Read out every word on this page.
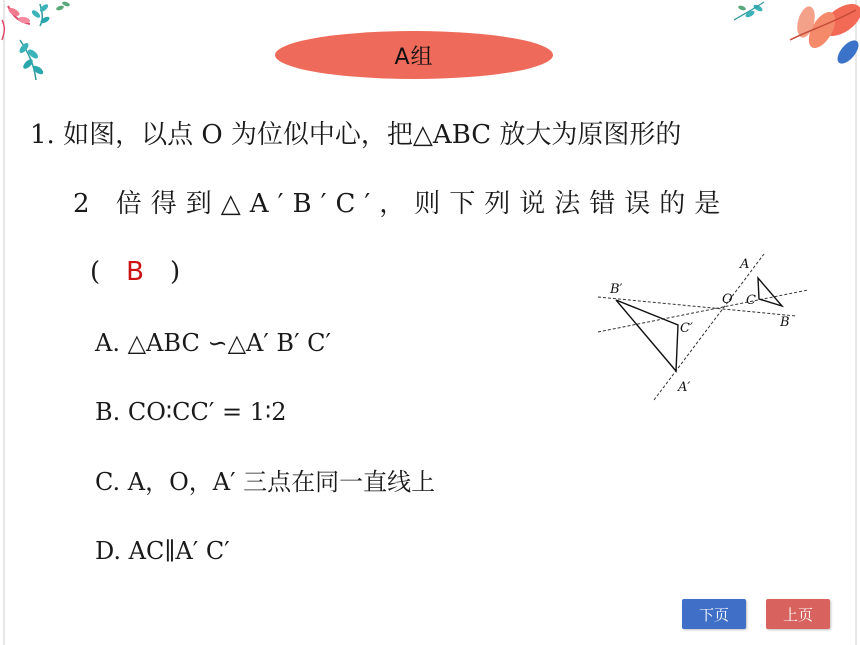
A组
1. 如图，以点 O 为位似中心，把△ABC 放大为原图形的
2 倍得到△A′B′C′，则下列说法错误的是
( B )
A. △ABC ∽△A′ B′ C′
B. CO∶CC′ = 1∶2
C. A，O，A′ 三点在同一直线上
D. AC∥A′ C′
A
O C
B
B′
C′
A′
下页	上页
